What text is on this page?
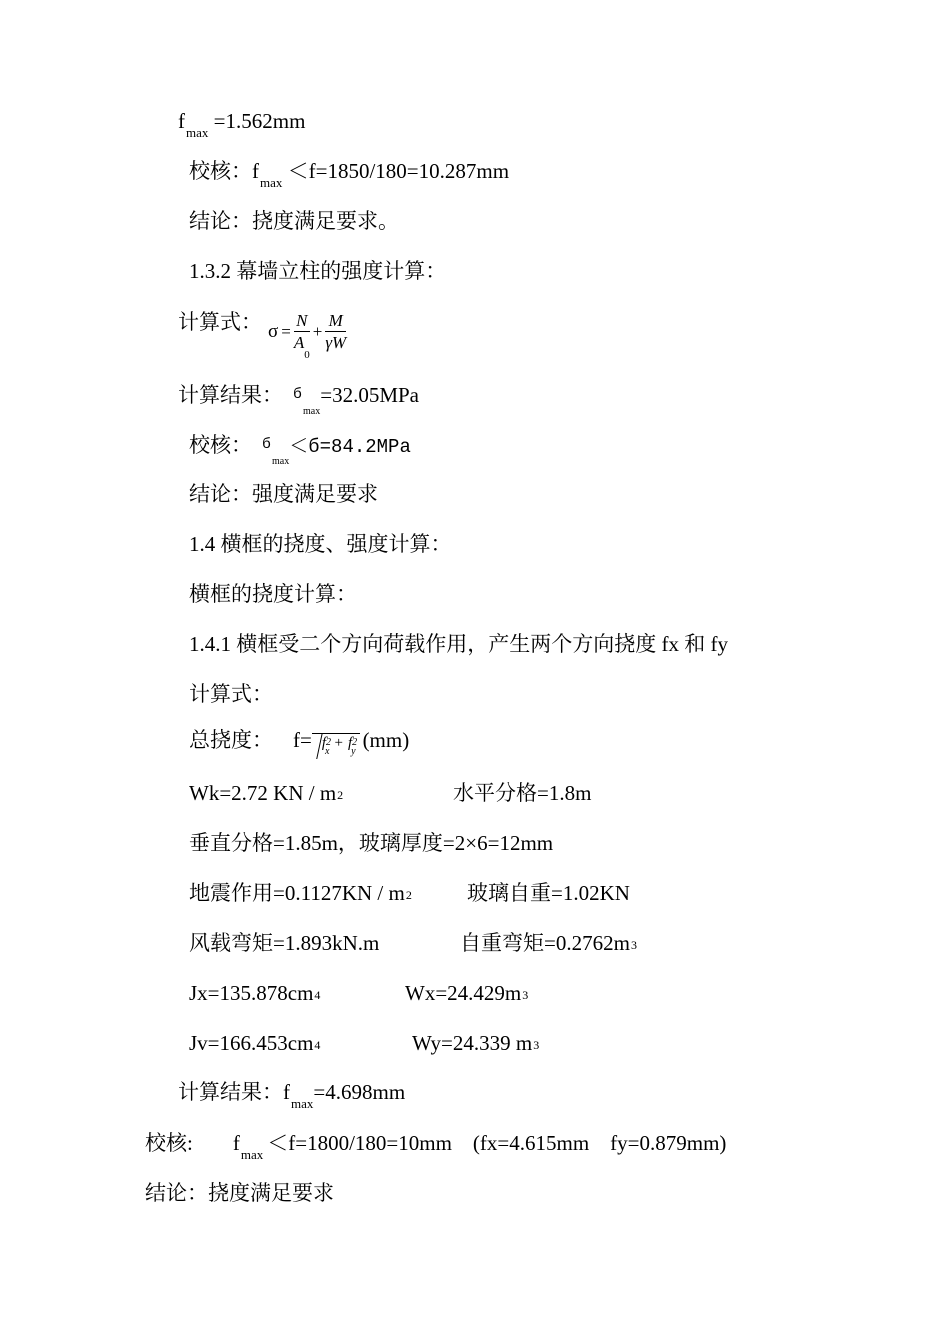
$f_{max} =1.562mm$
校核：$f_{max} <f=1850/180=10.287mm$
结论：挠度满足要求。
1.3.2 幕墙立柱的强度计算：
计算式： $\sigma = \frac{N}{A_0} + \frac{M}{\gamma W}$
计算结果： $б_{max}=32.05MPa$
校核： $б_{max}<б=84.2MPa$
结论：强度满足要求
1.4 横框的挠度、强度计算：
横框的挠度计算：
1.4.1 横框受二个方向荷载作用，产生两个方向挠度 fx 和 fy
计算式：
总挠度： $f= f2_x+ f2_y$ (mm)
Wk=2.72 KN / m2	水平分格=1.8m
垂直分格=1.85m，玻璃厚度=2×6=12mm
地震作用=0.1127KN / m2	玻璃自重=1.02KN
风载弯矩=1.893kN.m	自重弯矩=0.2762m3
Jx=135.878cm4	Wx=24.429m3
Jv=166.453cm4	Wy=24.339 m3
计算结果：$f_{max}=4.698mm$
校核: $f_{max} <f=1800/180=10mm$　(fx=4.615mm　fy=0.879mm)
结论：挠度满足要求
